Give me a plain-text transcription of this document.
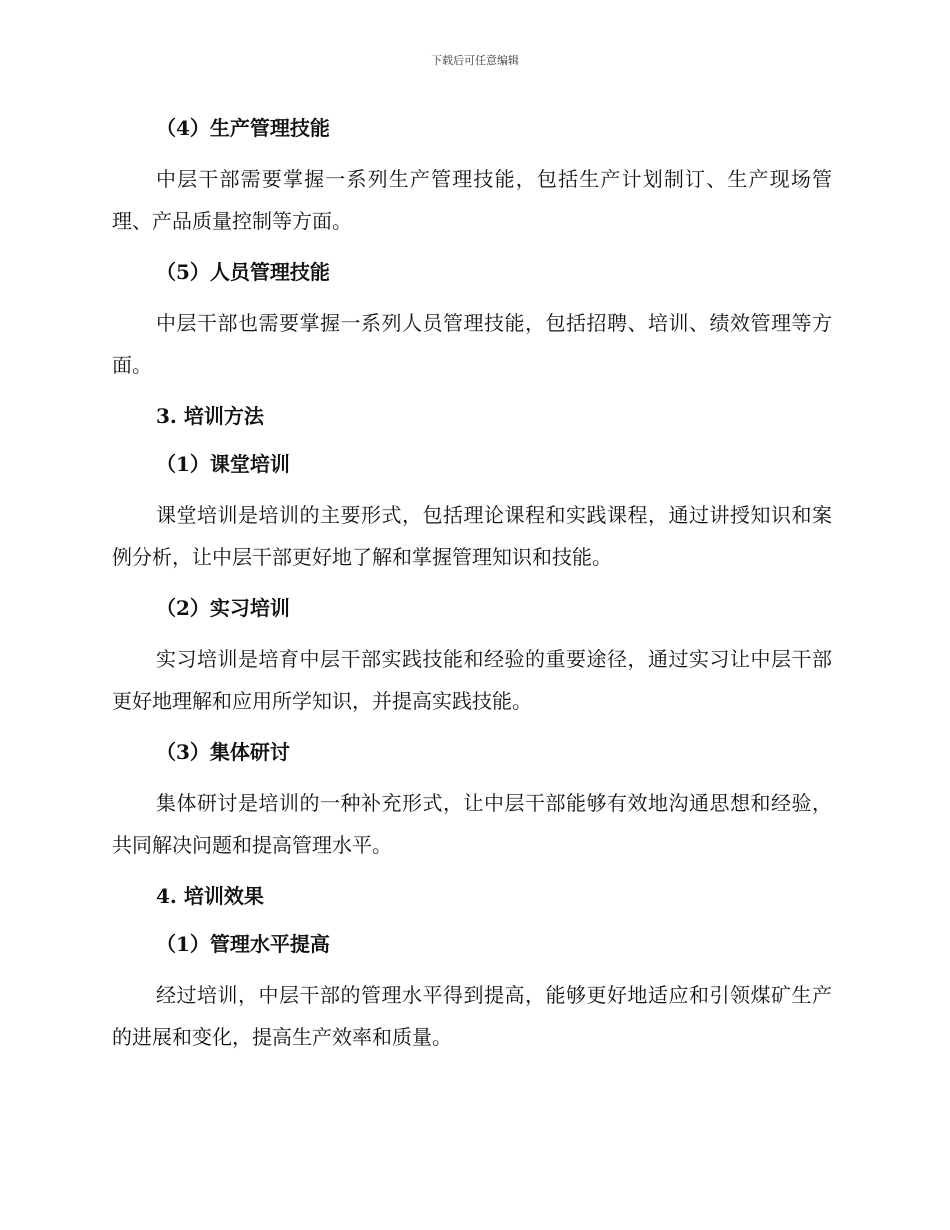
下载后可任意编辑

（4）生产管理技能

中层干部需要掌握一系列生产管理技能，包括生产计划制订、生产现场管理、产品质量控制等方面。

（5）人员管理技能

中层干部也需要掌握一系列人员管理技能，包括招聘、培训、绩效管理等方面。

3. 培训方法

（1）课堂培训

课堂培训是培训的主要形式，包括理论课程和实践课程，通过讲授知识和案例分析，让中层干部更好地了解和掌握管理知识和技能。

（2）实习培训

实习培训是培育中层干部实践技能和经验的重要途径，通过实习让中层干部更好地理解和应用所学知识，并提高实践技能。

（3）集体研讨

集体研讨是培训的一种补充形式，让中层干部能够有效地沟通思想和经验，共同解决问题和提高管理水平。

4. 培训效果

（1）管理水平提高

经过培训，中层干部的管理水平得到提高，能够更好地适应和引领煤矿生产的进展和变化，提高生产效率和质量。
